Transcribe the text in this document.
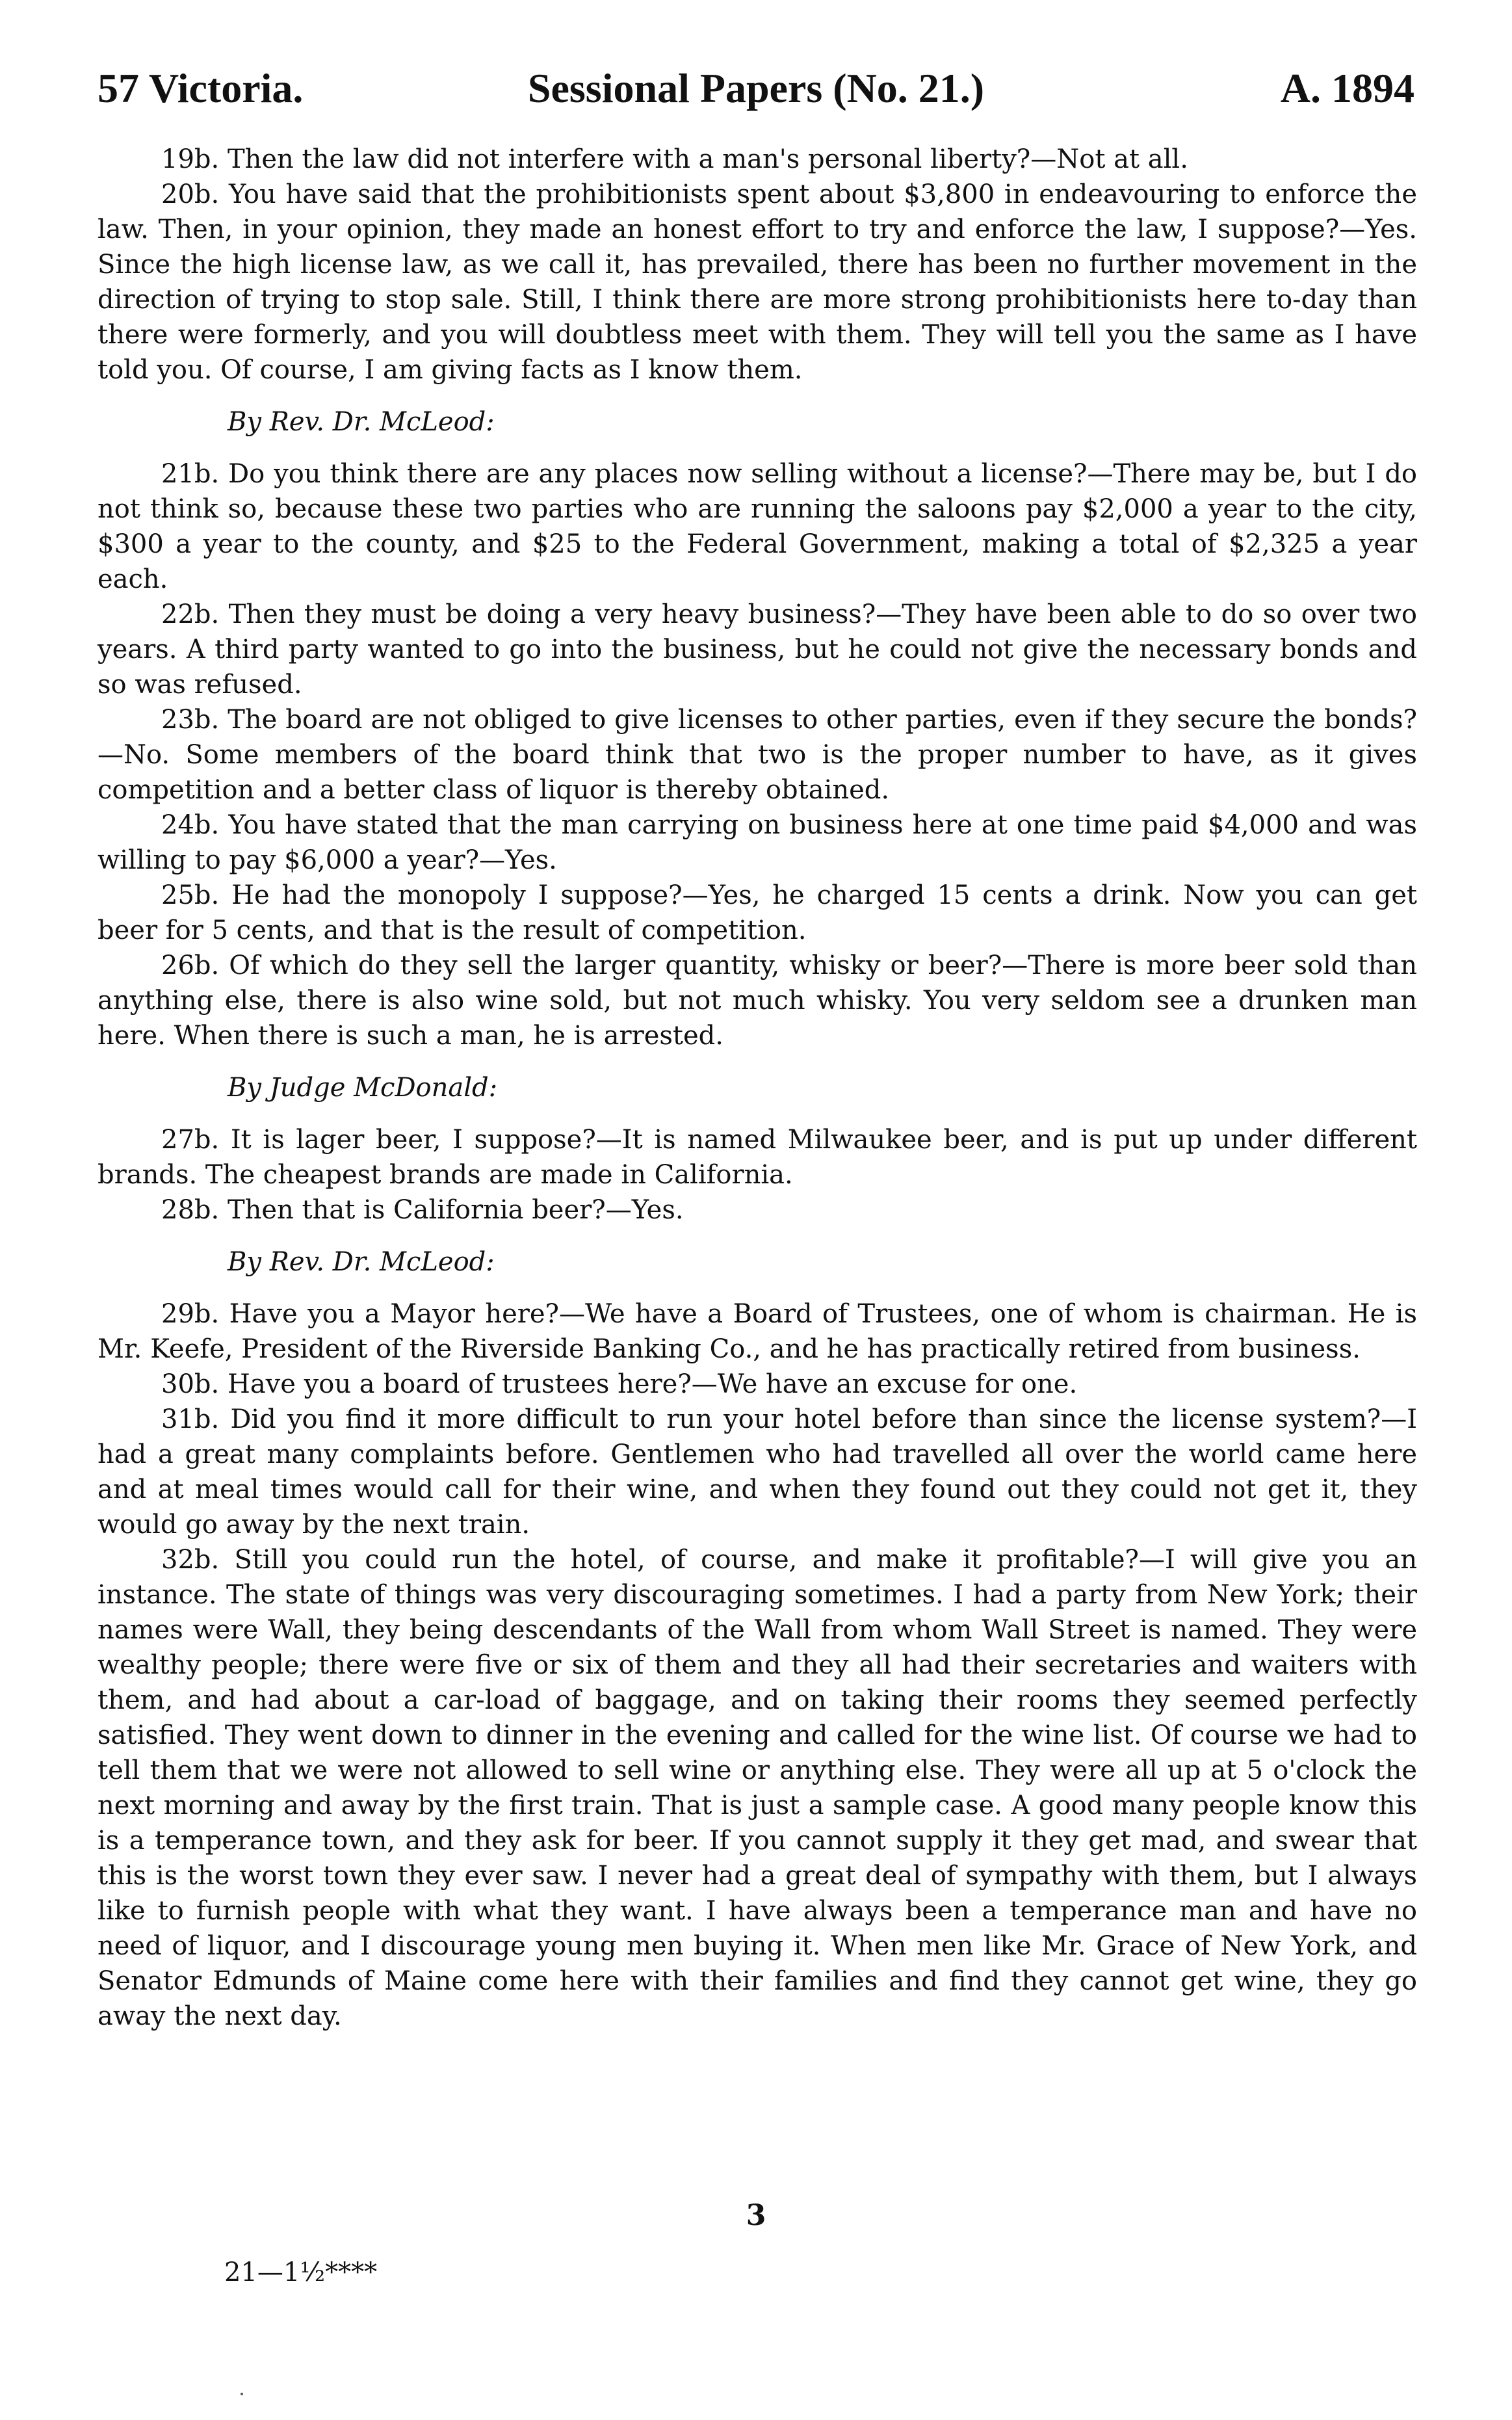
57 Victoria.	Sessional Papers (No. 21.)	A. 1894

19b. Then the law did not interfere with a man's personal liberty?—Not at all.

20b. You have said that the prohibitionists spent about $3,800 in endeavouring to enforce the law. Then, in your opinion, they made an honest effort to try and enforce the law, I suppose?—Yes. Since the high license law, as we call it, has prevailed, there has been no further movement in the direction of trying to stop sale. Still, I think there are more strong prohibitionists here to-day than there were formerly, and you will doubtless meet with them. They will tell you the same as I have told you. Of course, I am giving facts as I know them.

By Rev. Dr. McLeod:

21b. Do you think there are any places now selling without a license?—There may be, but I do not think so, because these two parties who are running the saloons pay $2,000 a year to the city, $300 a year to the county, and $25 to the Federal Government, making a total of $2,325 a year each.

22b. Then they must be doing a very heavy business?—They have been able to do so over two years. A third party wanted to go into the business, but he could not give the necessary bonds and so was refused.

23b. The board are not obliged to give licenses to other parties, even if they secure the bonds?—No. Some members of the board think that two is the proper number to have, as it gives competition and a better class of liquor is thereby obtained.

24b. You have stated that the man carrying on business here at one time paid $4,000 and was willing to pay $6,000 a year?—Yes.

25b. He had the monopoly I suppose?—Yes, he charged 15 cents a drink. Now you can get beer for 5 cents, and that is the result of competition.

26b. Of which do they sell the larger quantity, whisky or beer?—There is more beer sold than anything else, there is also wine sold, but not much whisky. You very seldom see a drunken man here. When there is such a man, he is arrested.

By Judge McDonald:

27b. It is lager beer, I suppose?—It is named Milwaukee beer, and is put up under different brands. The cheapest brands are made in California.

28b. Then that is California beer?—Yes.

By Rev. Dr. McLeod:

29b. Have you a Mayor here?—We have a Board of Trustees, one of whom is chairman. He is Mr. Keefe, President of the Riverside Banking Co., and he has practically retired from business.

30b. Have you a board of trustees here?—We have an excuse for one.

31b. Did you find it more difficult to run your hotel before than since the license system?—I had a great many complaints before. Gentlemen who had travelled all over the world came here and at meal times would call for their wine, and when they found out they could not get it, they would go away by the next train.

32b. Still you could run the hotel, of course, and make it profitable?—I will give you an instance. The state of things was very discouraging sometimes. I had a party from New York; their names were Wall, they being descendants of the Wall from whom Wall Street is named. They were wealthy people; there were five or six of them and they all had their secretaries and waiters with them, and had about a car-load of baggage, and on taking their rooms they seemed perfectly satisfied. They went down to dinner in the evening and called for the wine list. Of course we had to tell them that we were not allowed to sell wine or anything else. They were all up at 5 o'clock the next morning and away by the first train. That is just a sample case. A good many people know this is a temperance town, and they ask for beer. If you cannot supply it they get mad, and swear that this is the worst town they ever saw. I never had a great deal of sympathy with them, but I always like to furnish people with what they want. I have always been a temperance man and have no need of liquor, and I discourage young men buying it. When men like Mr. Grace of New York, and Senator Edmunds of Maine come here with their families and find they cannot get wine, they go away the next day.

3
21—1½****
